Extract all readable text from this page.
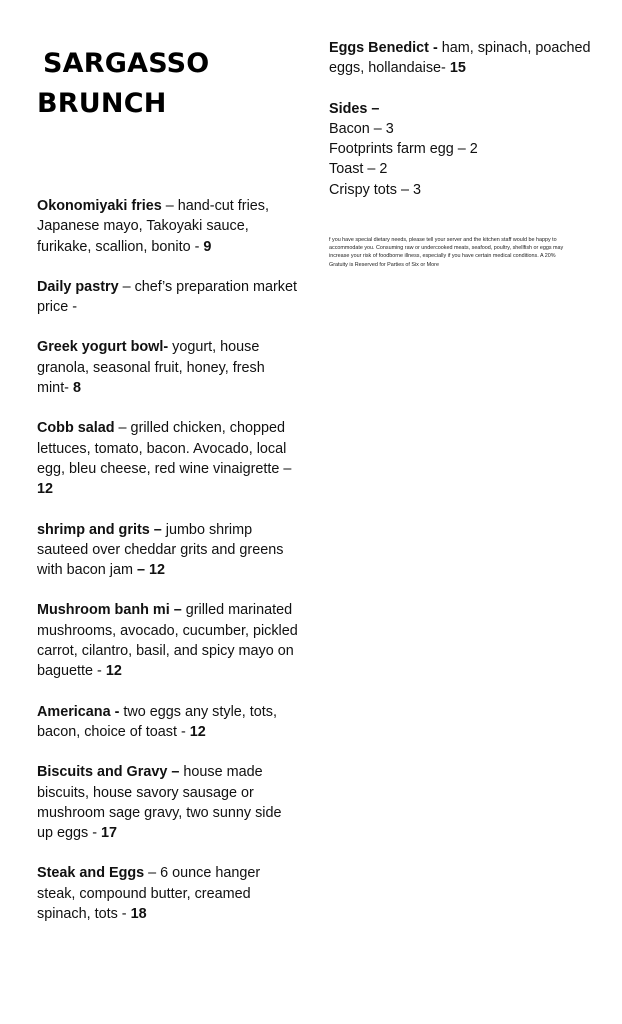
SARGASSO
BRUNCH

Okonomiyaki fries – hand-cut fries, Japanese mayo, Takoyaki sauce, furikake, scallion, bonito - 9

Daily pastry – chef’s preparation market price -

Greek yogurt bowl- yogurt, house granola, seasonal fruit, honey, fresh mint- 8

Cobb salad – grilled chicken, chopped lettuces, tomato, bacon. Avocado, local egg, bleu cheese, red wine vinaigrette – 12

shrimp and grits – jumbo shrimp sauteed over cheddar grits and greens with bacon jam – 12

Mushroom banh mi – grilled marinated mushrooms, avocado, cucumber, pickled carrot, cilantro, basil, and spicy mayo on baguette - 12

Americana - two eggs any style, tots, bacon, choice of toast - 12

Biscuits and Gravy – house made biscuits, house savory sausage or mushroom sage gravy, two sunny side up eggs - 17

Steak and Eggs – 6 ounce hanger steak, compound butter, creamed spinach, tots - 18

Eggs Benedict - ham, spinach, poached eggs, hollandaise- 15

Sides –

Bacon – 3
Footprints farm egg – 2
Toast – 2
Crispy tots – 3

f you have special dietary needs, please tell your server and the kitchen staff would be happy to accommodate you. Consuming raw or undercooked meats, seafood, poultry, shellfish or eggs may increase your risk of foodborne illness, especially if you have certain medical conditions. A 20% Gratuity is Reserved for Parties of Six or More
